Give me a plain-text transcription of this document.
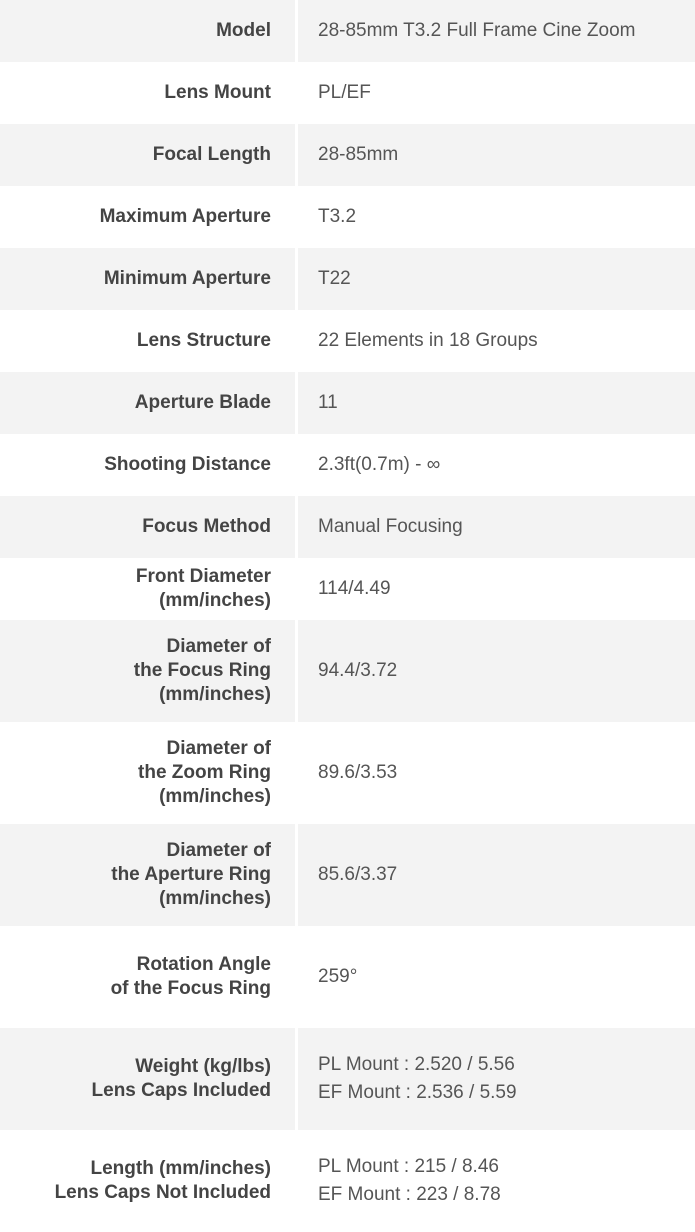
Model 28-85mm T3.2 Full Frame Cine Zoom
Lens Mount PL/EF
Focal Length 28-85mm
Maximum Aperture T3.2
Minimum Aperture T22
Lens Structure 22 Elements in 18 Groups
Aperture Blade 11
Shooting Distance 2.3ft(0.7m) - ∞
Focus Method Manual Focusing
Front Diameter
(mm/inches)
114/4.49
Diameter of
the Focus Ring
(mm/inches)
94.4/3.72
Diameter of
the Zoom Ring
(mm/inches)
89.6/3.53
Diameter of
the Aperture Ring
(mm/inches)
85.6/3.37
Rotation Angle
of the Focus Ring
259°
Weight (kg/lbs)
Lens Caps Included
PL Mount : 2.520 / 5.56
EF Mount : 2.536 / 5.59
Length (mm/inches)
Lens Caps Not Included
PL Mount : 215 / 8.46
EF Mount : 223 / 8.78
